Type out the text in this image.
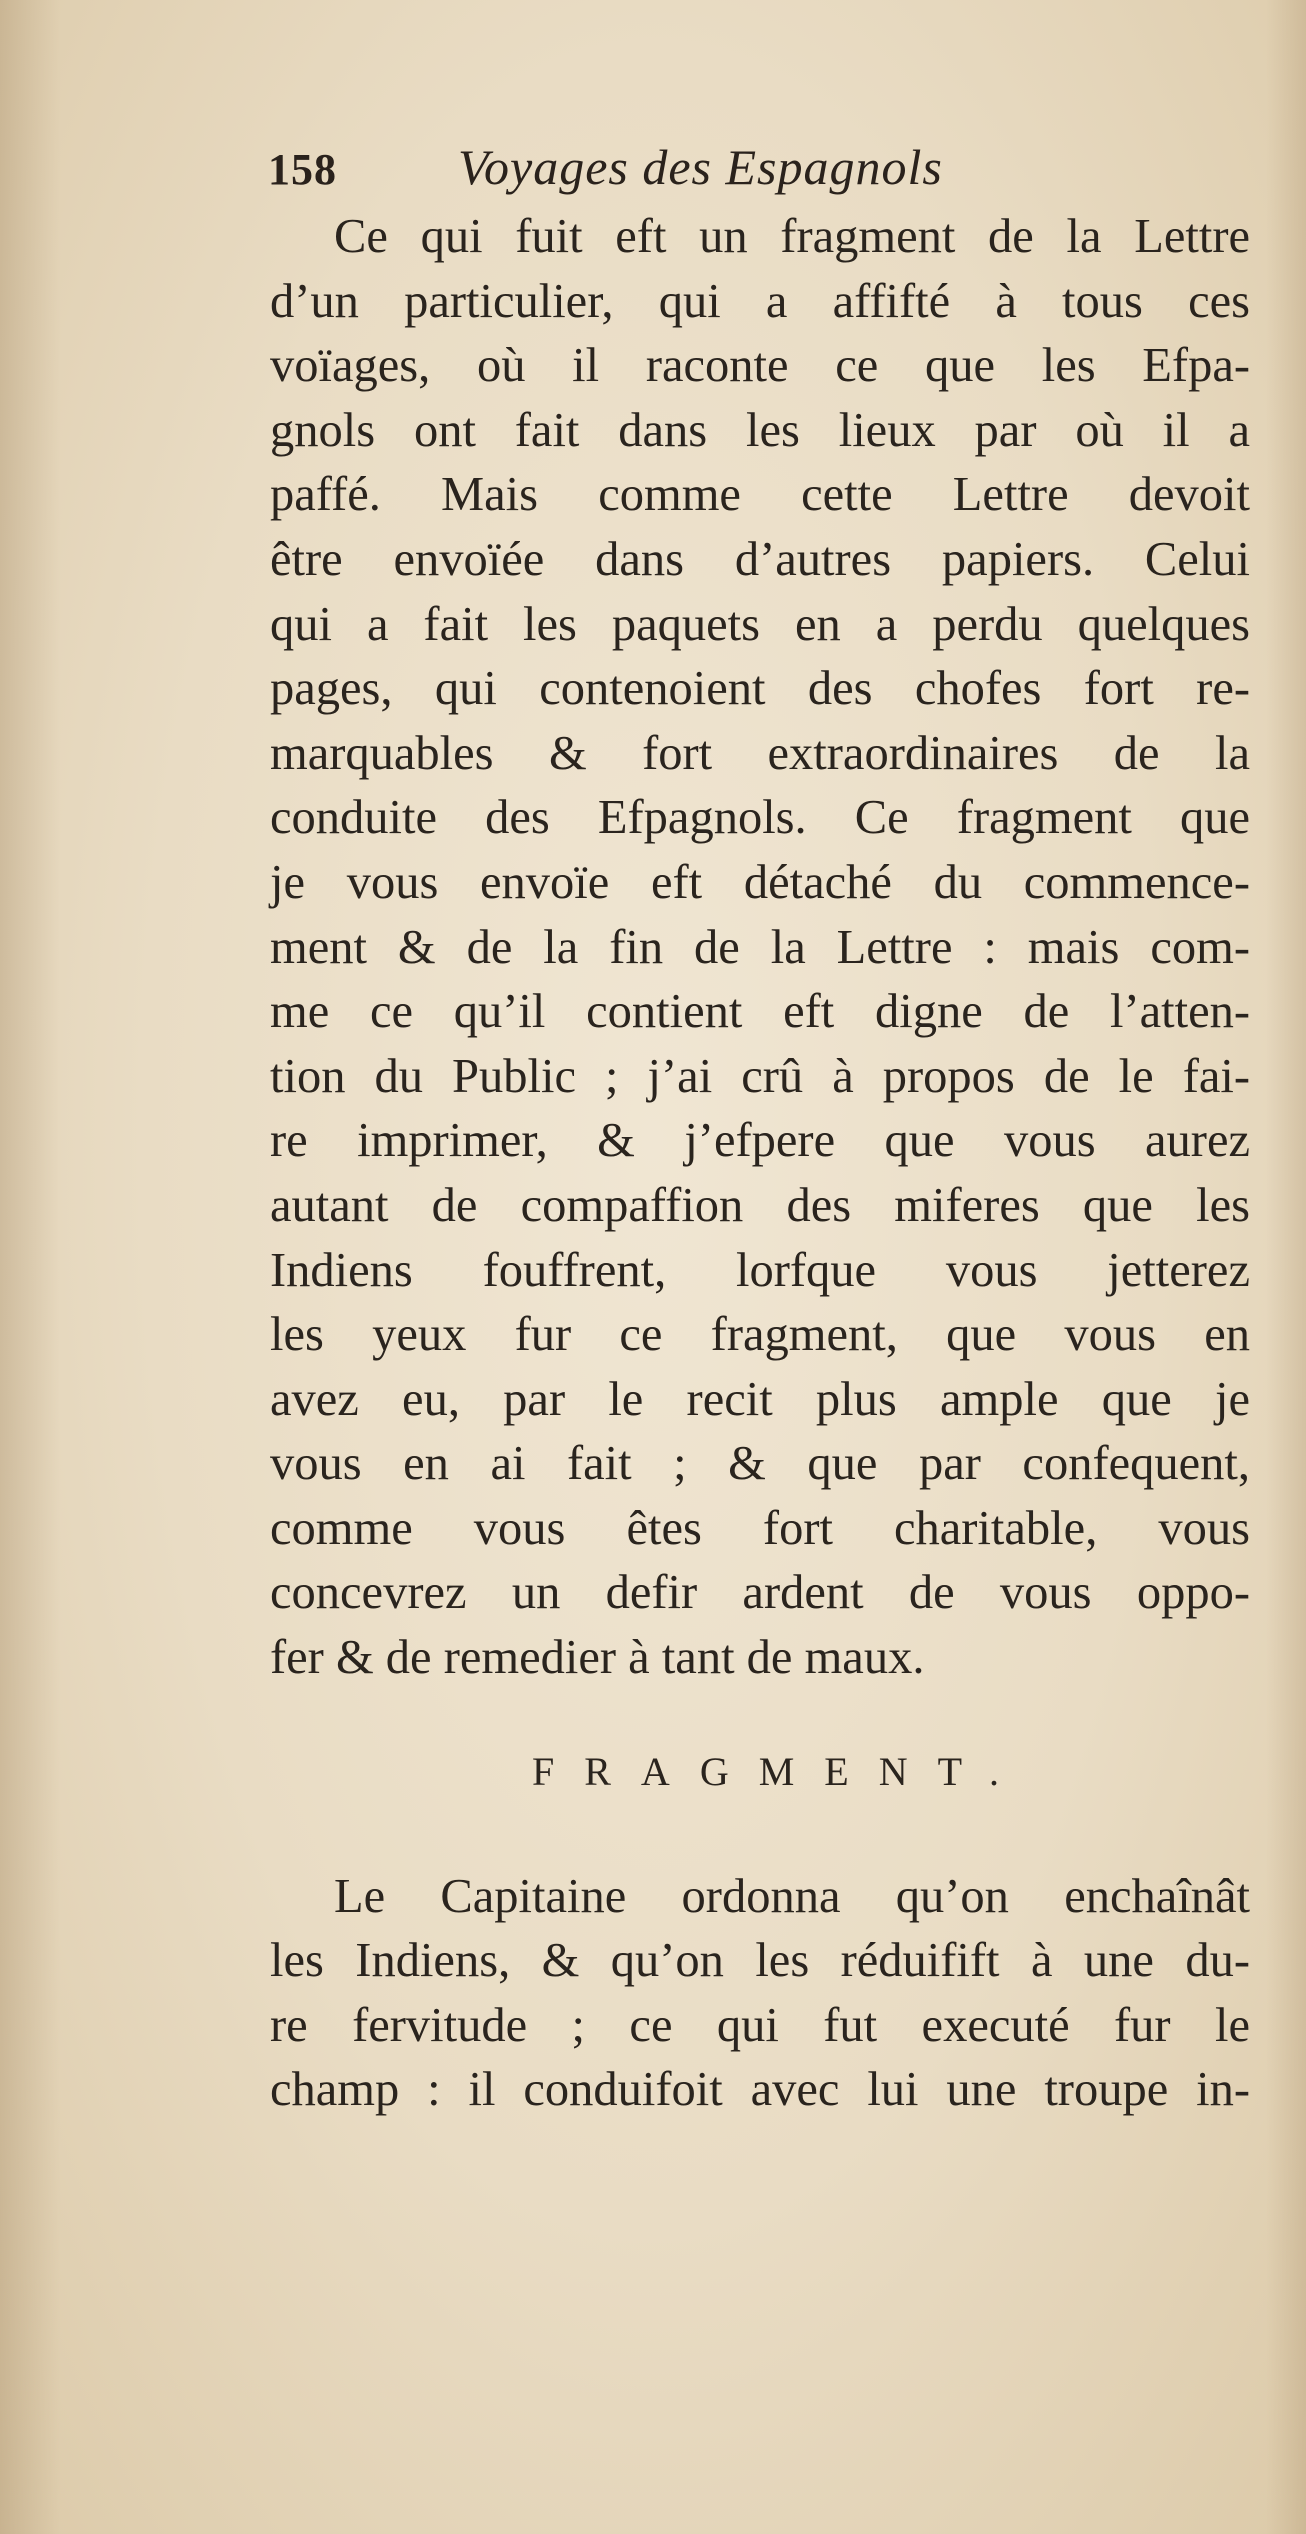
158 Voyages des Espagnols
Ce qui fuit eft un fragment de la Lettre
d’un particulier, qui a affifté à tous ces
voïages, où il raconte ce que les Efpa-
gnols ont fait dans les lieux par où il a
paffé. Mais comme cette Lettre devoit
être envoïée dans d’autres papiers. Celui
qui a fait les paquets en a perdu quelques
pages, qui contenoient des chofes fort re-
marquables & fort extraordinaires de la
conduite des Efpagnols. Ce fragment que
je vous envoïe eft détaché du commence-
ment & de la fin de la Lettre : mais com-
me ce qu’il contient eft digne de l’atten-
tion du Public ; j’ai crû à propos de le fai-
re imprimer, & j’efpere que vous aurez
autant de compaffion des miferes que les
Indiens fouffrent, lorfque vous jetterez
les yeux fur ce fragment, que vous en
avez eu, par le recit plus ample que je
vous en ai fait ; & que par confequent,
comme vous êtes fort charitable, vous
concevrez un defir ardent de vous oppo-
fer & de remedier à tant de maux.
FRAGMENT.
Le Capitaine ordonna qu’on enchaînât
les Indiens, & qu’on les réduifift à une du-
re fervitude ; ce qui fut executé fur le
champ : il conduifoit avec lui une troupe in-
